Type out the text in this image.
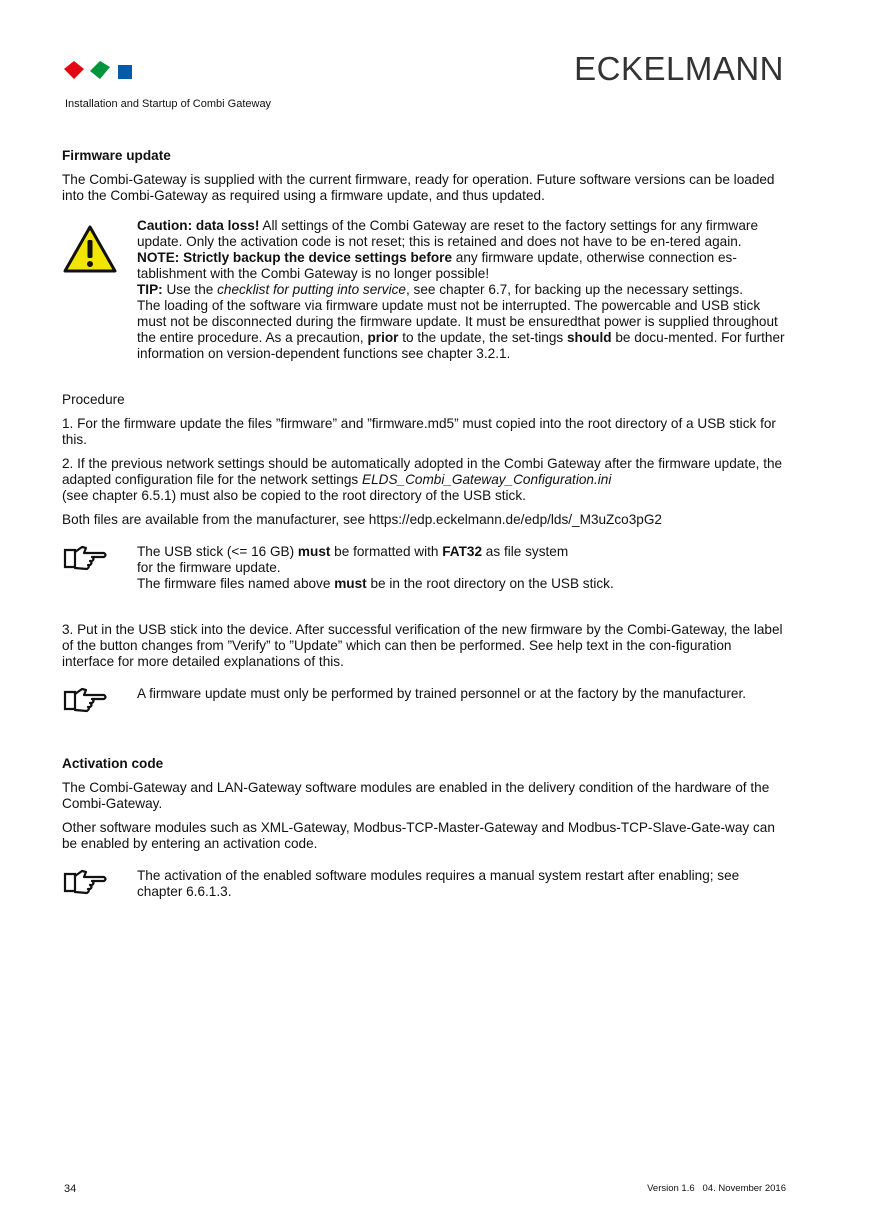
ECKELMANN
Installation and Startup of Combi Gateway
Firmware update

The Combi-Gateway is supplied with the current firmware, ready for operation. Future software versions can be loaded into the Combi-Gateway as required using a firmware update, and thus updated.

Caution: data loss! All settings of the Combi Gateway are reset to the factory settings for any firmware update. Only the activation code is not reset; this is retained and does not have to be en-tered again.

NOTE: Strictly backup the device settings before any firmware update, otherwise connection es-tablishment with the Combi Gateway is no longer possible!

TIP: Use the checklist for putting into service, see chapter 6.7, for backing up the necessary settings.

The loading of the software via firmware update must not be interrupted. The powercable and USB stick must not be disconnected during the firmware update. It must be ensuredthat power is supplied throughout the entire procedure. As a precaution, prior to the update, the set-tings should be docu-mented. For further information on version-dependent functions see chapter 3.2.1.

Procedure

1. For the firmware update the files ”firmware” and ”firmware.md5” must copied into the root directory of a USB stick for this.

2. If the previous network settings should be automatically adopted in the Combi Gateway after the firmware update, the adapted configuration file for the network settings ELDS_Combi_Gateway_Configuration.ini
(see chapter 6.5.1) must also be copied to the root directory of the USB stick.

Both files are available from the manufacturer, see https://edp.eckelmann.de/edp/lds/_M3uZco3pG2

The USB stick (<= 16 GB) must be formatted with FAT32 as file system

for the firmware update.

The firmware files named above must be in the root directory on the USB stick.

3. Put in the USB stick into the device. After successful verification of the new firmware by the Combi-Gateway, the label of the button changes from ”Verify” to ”Update” which can then be performed. See help text in the con-figuration interface for more detailed explanations of this.

A firmware update must only be performed by trained personnel or at the factory by the manufacturer.

Activation code

The Combi-Gateway and LAN-Gateway software modules are enabled in the delivery condition of the hardware of the Combi-Gateway.

Other software modules such as XML-Gateway, Modbus-TCP-Master-Gateway and Modbus-TCP-Slave-Gate-way can be enabled by entering an activation code.

The activation of the enabled software modules requires a manual system restart after enabling; see chapter 6.6.1.3.

34	Version 1.6   04. November 2016
